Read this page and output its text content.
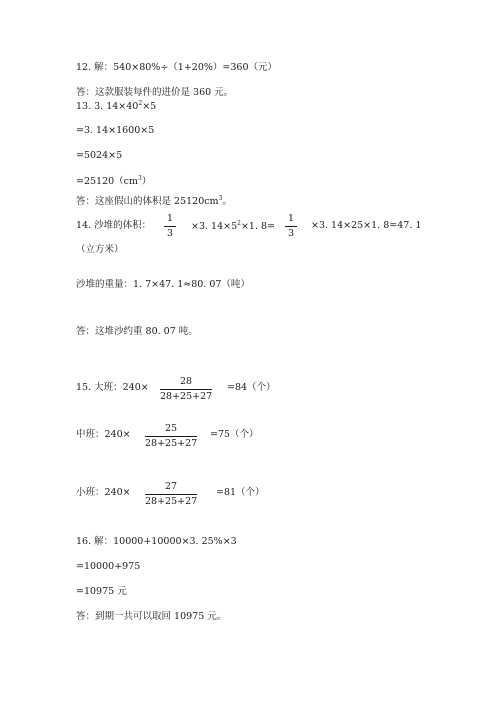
12. 解：540×80%÷（1+20%）=360（元）
答：这款服装每件的进价是 360 元。
13. 3. $14\times 40^2\times 5$
=3. 14×1600×5
=5024×5
$=25120(cm^3)$
答：这座假山的体积是 $25120cm^3$。
14. 沙堆的体积：
1
3
×3. $14\times 5^2\times 1$. 8=
1
3
×3. 14×25×1. 8=47. 1
（立方米）
沙堆的重量：1. 7×47. 1≈80. 07（吨）
答：这堆沙约重 80. 07 吨。
15. 大班：240×
28
28+25+27
=84（个）
中班：240×
25
28+25+27
=75（个）
小班：240×
27
28+25+27
=81（个）
16. 解：10000+10000×3. 25%×3
=10000+975
=10975 元
答：到期一共可以取回 10975 元。
